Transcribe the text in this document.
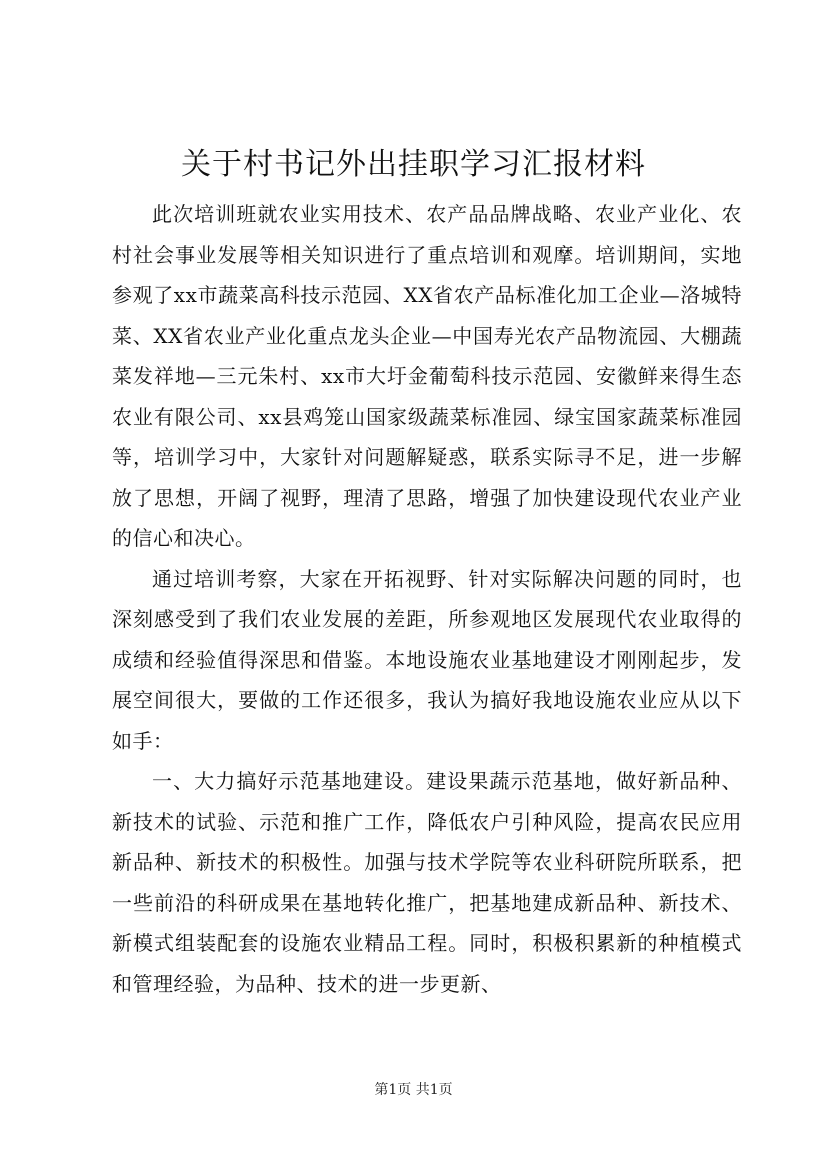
关于村书记外出挂职学习汇报材料

此次培训班就农业实用技术、农产品品牌战略、农业产业化、农村社会事业发展等相关知识进行了重点培训和观摩。培训期间，实地参观了xx市蔬菜高科技示范园、XX省农产品标准化加工企业—洛城特菜、XX省农业产业化重点龙头企业—中国寿光农产品物流园、大棚蔬菜发祥地—三元朱村、xx市大圩金葡萄科技示范园、安徽鲜来得生态农业有限公司、xx县鸡笼山国家级蔬菜标准园、绿宝国家蔬菜标准园等，培训学习中，大家针对问题解疑惑，联系实际寻不足，进一步解放了思想，开阔了视野，理清了思路，增强了加快建设现代农业产业的信心和决心。

通过培训考察，大家在开拓视野、针对实际解决问题的同时，也深刻感受到了我们农业发展的差距，所参观地区发展现代农业取得的成绩和经验值得深思和借鉴。本地设施农业基地建设才刚刚起步，发展空间很大，要做的工作还很多，我认为搞好我地设施农业应从以下如手：

一、大力搞好示范基地建设。建设果蔬示范基地，做好新品种、新技术的试验、示范和推广工作，降低农户引种风险，提高农民应用新品种、新技术的积极性。加强与技术学院等农业科研院所联系，把一些前沿的科研成果在基地转化推广，把基地建成新品种、新技术、新模式组装配套的设施农业精品工程。同时，积极积累新的种植模式和管理经验，为品种、技术的进一步更新、

第1页 共1页
